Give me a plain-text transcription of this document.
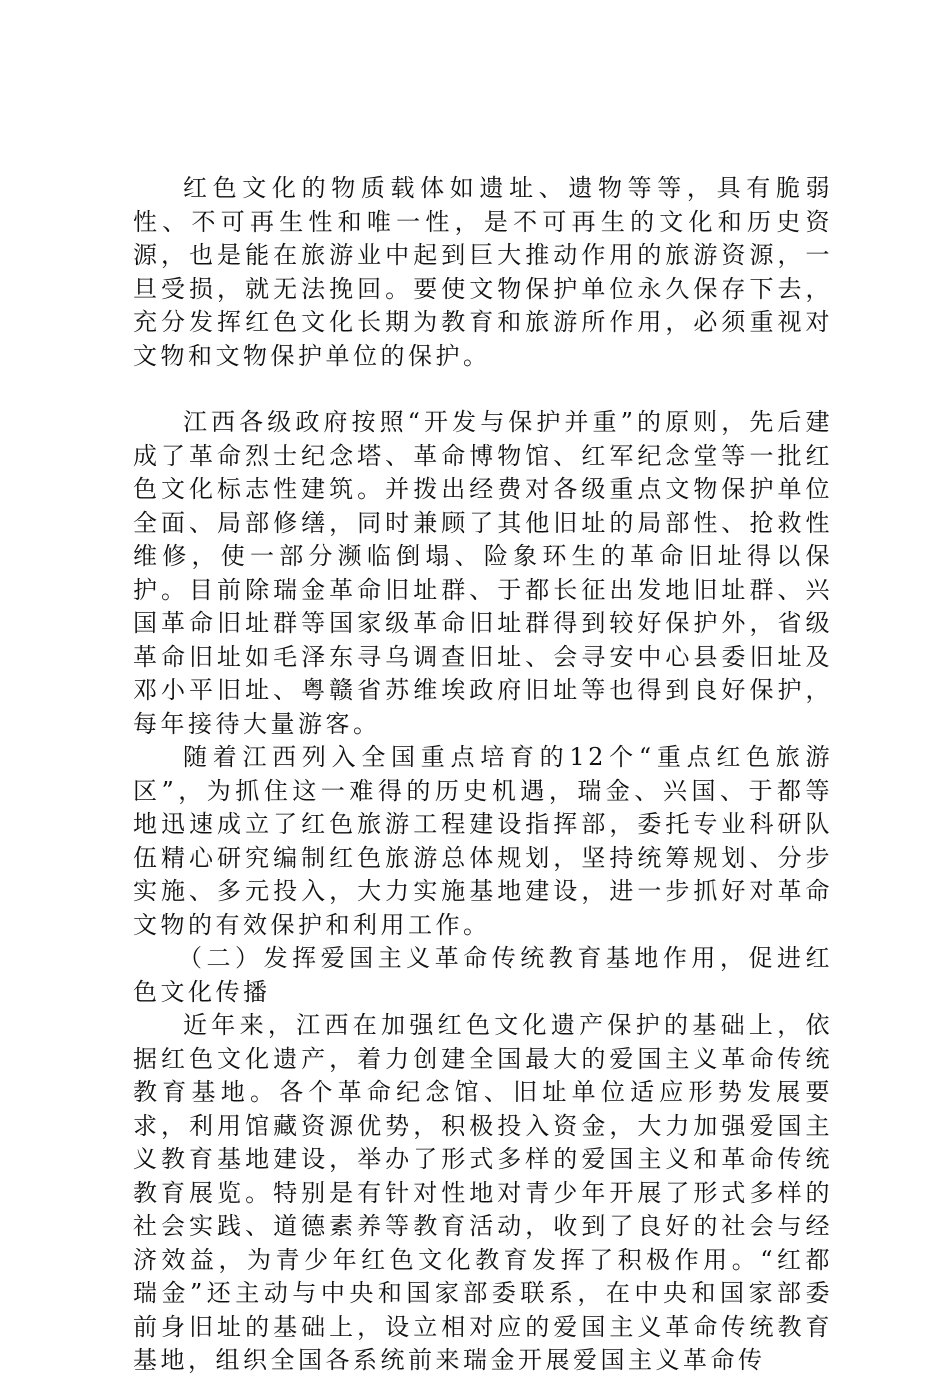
红色文化的物质载体如遗址、遗物等等，具有脆弱性、不可再生性和唯一性，是不可再生的文化和历史资源，也是能在旅游业中起到巨大推动作用的旅游资源，一旦受损，就无法挽回。要使文物保护单位永久保存下去，充分发挥红色文化长期为教育和旅游所作用，必须重视对文物和文物保护单位的保护。

江西各级政府按照“开发与保护并重”的原则，先后建成了革命烈士纪念塔、革命博物馆、红军纪念堂等一批红色文化标志性建筑。并拨出经费对各级重点文物保护单位全面、局部修缮，同时兼顾了其他旧址的局部性、抢救性维修，使一部分濒临倒塌、险象环生的革命旧址得以保护。目前除瑞金革命旧址群、于都长征出发地旧址群、兴国革命旧址群等国家级革命旧址群得到较好保护外，省级革命旧址如毛泽东寻乌调查旧址、会寻安中心县委旧址及邓小平旧址、粤赣省苏维埃政府旧址等也得到良好保护，每年接待大量游客。

随着江西列入全国重点培育的12个“重点红色旅游区”，为抓住这一难得的历史机遇，瑞金、兴国、于都等地迅速成立了红色旅游工程建设指挥部，委托专业科研队伍精心研究编制红色旅游总体规划，坚持统筹规划、分步实施、多元投入，大力实施基地建设，进一步抓好对革命文物的有效保护和利用工作。

（二）发挥爱国主义革命传统教育基地作用，促进红色文化传播

近年来，江西在加强红色文化遗产保护的基础上，依据红色文化遗产，着力创建全国最大的爱国主义革命传统教育基地。各个革命纪念馆、旧址单位适应形势发展要求，利用馆藏资源优势，积极投入资金，大力加强爱国主义教育基地建设，举办了形式多样的爱国主义和革命传统教育展览。特别是有针对性地对青少年开展了形式多样的社会实践、道德素养等教育活动，收到了良好的社会与经济效益，为青少年红色文化教育发挥了积极作用。“红都瑞金”还主动与中央和国家部委联系，在中央和国家部委前身旧址的基础上，设立相对应的爱国主义革命传统教育基地，组织全国各系统前来瑞金开展爱国主义革命传
